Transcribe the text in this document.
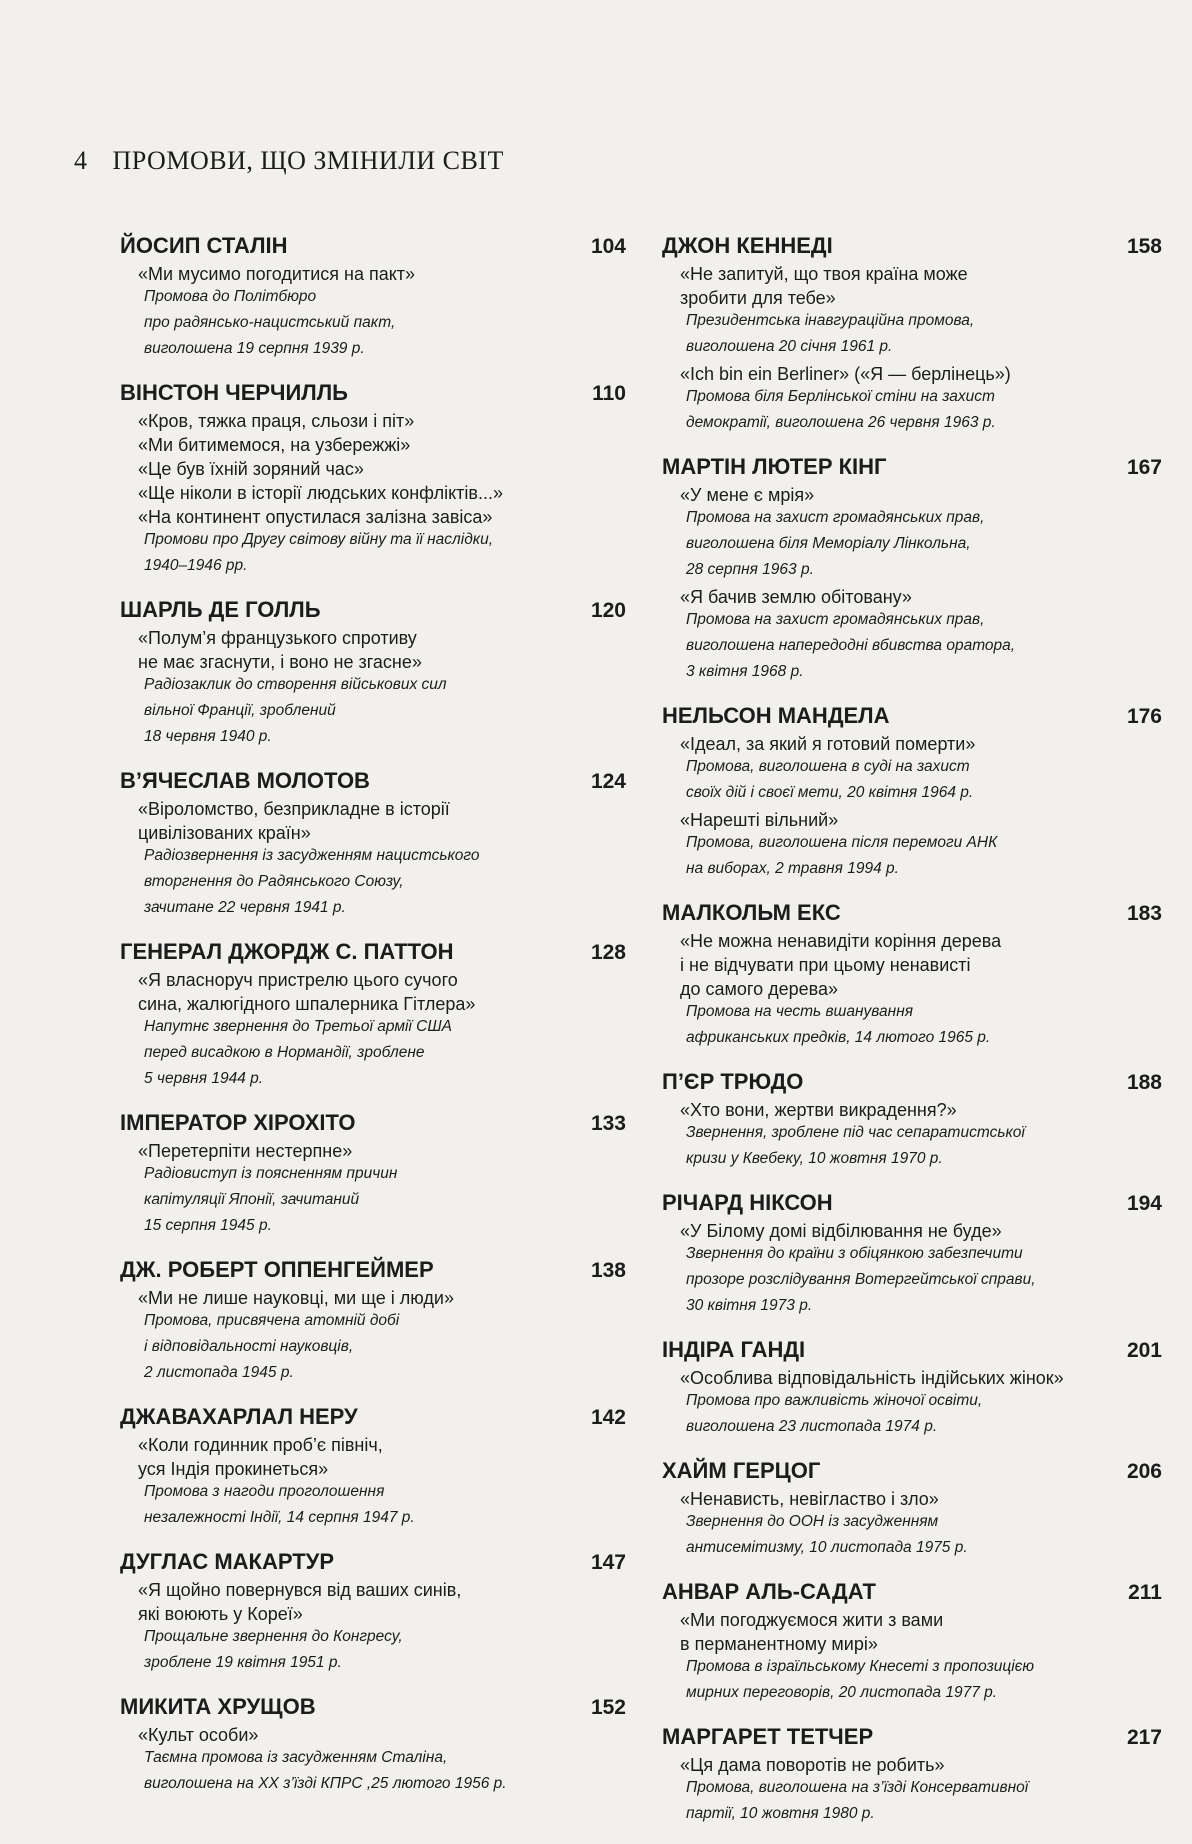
4 ПРОМОВИ, ЩО ЗМІНИЛИ СВІТ
ЙОСИП СТАЛІН	104
«Ми мусимо погодитися на пакт»
Промова до Політбюро
про радянсько-нацистський пакт,
виголошена 19 серпня 1939 р.
ВІНСТОН ЧЕРЧИЛЛЬ	110
«Кров, тяжка праця, сльози і піт»
«Ми битимемося, на узбережжі»
«Це був їхній зоряний час»
«Ще ніколи в історії людських конфліктів...»
«На континент опустилася залізна завіса»
Промови про Другу світову війну та її наслідки,
1940–1946 рр.
ШАРЛЬ ДЕ ГОЛЛЬ	120
«Полум’я французького спротиву
не має згаснути, і воно не згасне»
Радіозаклик до створення військових сил
вільної Франції, зроблений
18 червня 1940 р.
В’ЯЧЕСЛАВ МОЛОТОВ	124
«Віроломство, безприкладне в історії
цивілізованих країн»
Радіозвернення із засудженням нацистського
вторгнення до Радянського Союзу,
зачитане 22 червня 1941 р.
ГЕНЕРАЛ ДЖОРДЖ С. ПАТТОН	128
«Я власноруч пристрелю цього сучого
сина, жалюгідного шпалерника Гітлера»
Напутнє звернення до Третьої армії США
перед висадкою в Нормандії, зроблене
5 червня 1944 р.
ІМПЕРАТОР ХІРОХІТО	133
«Перетерпіти нестерпне»
Радіовиступ із поясненням причин
капітуляції Японії, зачитаний
15 серпня 1945 р.
ДЖ. РОБЕРТ ОППЕНГЕЙМЕР	138
«Ми не лише науковці, ми ще і люди»
Промова, присвячена атомній добі
і відповідальності науковців,
2 листопада 1945 р.
ДЖАВАХАРЛАЛ НЕРУ	142
«Коли годинник проб’є північ,
уся Індія прокинеться»
Промова з нагоди проголошення
незалежності Індії, 14 серпня 1947 р.
ДУГЛАС МАКАРТУР	147
«Я щойно повернувся від ваших синів,
які воюють у Кореї»
Прощальне звернення до Конгресу,
зроблене 19 квітня 1951 р.
МИКИТА ХРУЩОВ	152
«Культ особи»
Таємна промова із засудженням Сталіна,
виголошена на ХХ з’їзді КПРС ,25 лютого 1956 р.
ДЖОН КЕННЕДІ	158
«Не запитуй, що твоя країна може
зробити для тебе»
Президентська інавгураційна промова,
виголошена 20 січня 1961 р.
«Ich bin ein Berliner» («Я — берлінець»)
Промова біля Берлінської стіни на захист
демократії, виголошена 26 червня 1963 р.
МАРТІН ЛЮТЕР КІНГ	167
«У мене є мрія»
Промова на захист громадянських прав,
виголошена біля Меморіалу Лінкольна,
28 серпня 1963 р.
«Я бачив землю обітовану»
Промова на захист громадянських прав,
виголошена напередодні вбивства оратора,
3 квітня 1968 р.
НЕЛЬСОН МАНДЕЛА	176
«Ідеал, за який я готовий померти»
Промова, виголошена в суді на захист
своїх дій і своєї мети, 20 квітня 1964 р.
«Нарешті вільний»
Промова, виголошена після перемоги АНК
на виборах, 2 травня 1994 р.
МАЛКОЛЬМ ЕКС	183
«Не можна ненавидіти коріння дерева
і не відчувати при цьому ненависті
до самого дерева»
Промова на честь вшанування
африканських предків, 14 лютого 1965 р.
П’ЄР ТРЮДО	188
«Хто вони, жертви викрадення?»
Звернення, зроблене під час сепаратистської
кризи у Квебеку, 10 жовтня 1970 р.
РІЧАРД НІКСОН	194
«У Білому домі відбілювання не буде»
Звернення до країни з обіцянкою забезпечити
прозоре розслідування Вотергейтської справи,
30 квітня 1973 р.
ІНДІРА ГАНДІ	201
«Особлива відповідальність індійських жінок»
Промова про важливість жіночої освіти,
виголошена 23 листопада 1974 р.
ХАЙМ ГЕРЦОГ	206
«Ненависть, невігластво і зло»
Звернення до ООН із засудженням
антисемітизму, 10 листопада 1975 р.
АНВАР АЛЬ-САДАТ	211
«Ми погоджуємося жити з вами
в перманентному мирі»
Промова в ізраїльському Кнесеті з пропозицією
мирних переговорів, 20 листопада 1977 р.
МАРГАРЕТ ТЕТЧЕР	217
«Ця дама поворотів не робить»
Промова, виголошена на з’їзді Консервативної
партії, 10 жовтня 1980 р.
